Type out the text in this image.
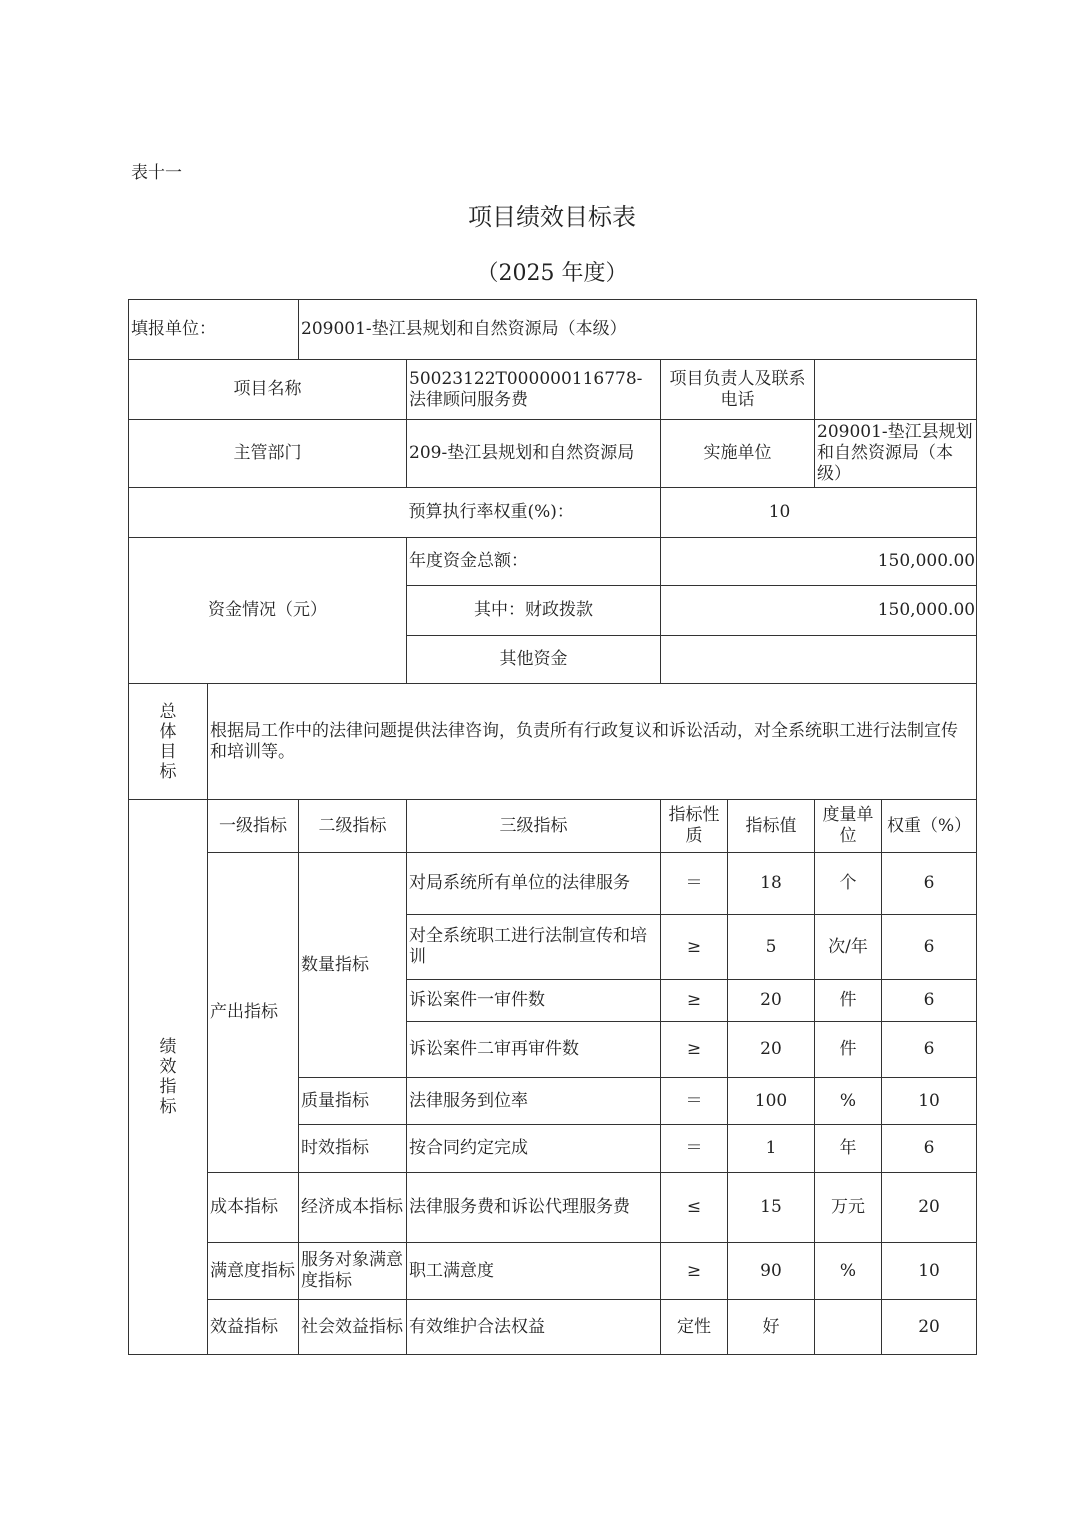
表十一
项目绩效目标表
（2025 年度）
填报单位：		209001-垫江县规划和自然资源局（本级）					
项目名称			50023122T000000116778-法律顾问服务费	项目负责人及联系电话			
主管部门			209-垫江县规划和自然资源局	实施单位		209001-垫江县规划和自然资源局（本级）	
			预算执行率权重(%)：	10			
资金情况（元）			年度资金总额：	150,000.00			
			其中：财政拨款	150,000.00			
			其他资金				

总
体
目
标	根据局工作中的法律问题提供法律咨询，负责所有行政复议和诉讼活动，对全系统职工进行法制宣传和培训等。						

绩
效
指
标	一级指标	二级指标	三级指标	指标性质	指标值	度量单位	权重（%）
	产出指标	数量指标	对局系统所有单位的法律服务	＝	18	个	6
			对全系统职工进行法制宣传和培训	≥	5	次/年	6
			诉讼案件一审件数	≥	20	件	6
			诉讼案件二审再审件数	≥	20	件	6
		质量指标	法律服务到位率	＝	100	%	10
		时效指标	按合同约定完成	＝	1	年	6
	成本指标	经济成本指标	法律服务费和诉讼代理服务费	≤	15	万元	20
	满意度指标	服务对象满意度指标	职工满意度	≥	90	%	10
	效益指标	社会效益指标	有效维护合法权益	定性	好		20
